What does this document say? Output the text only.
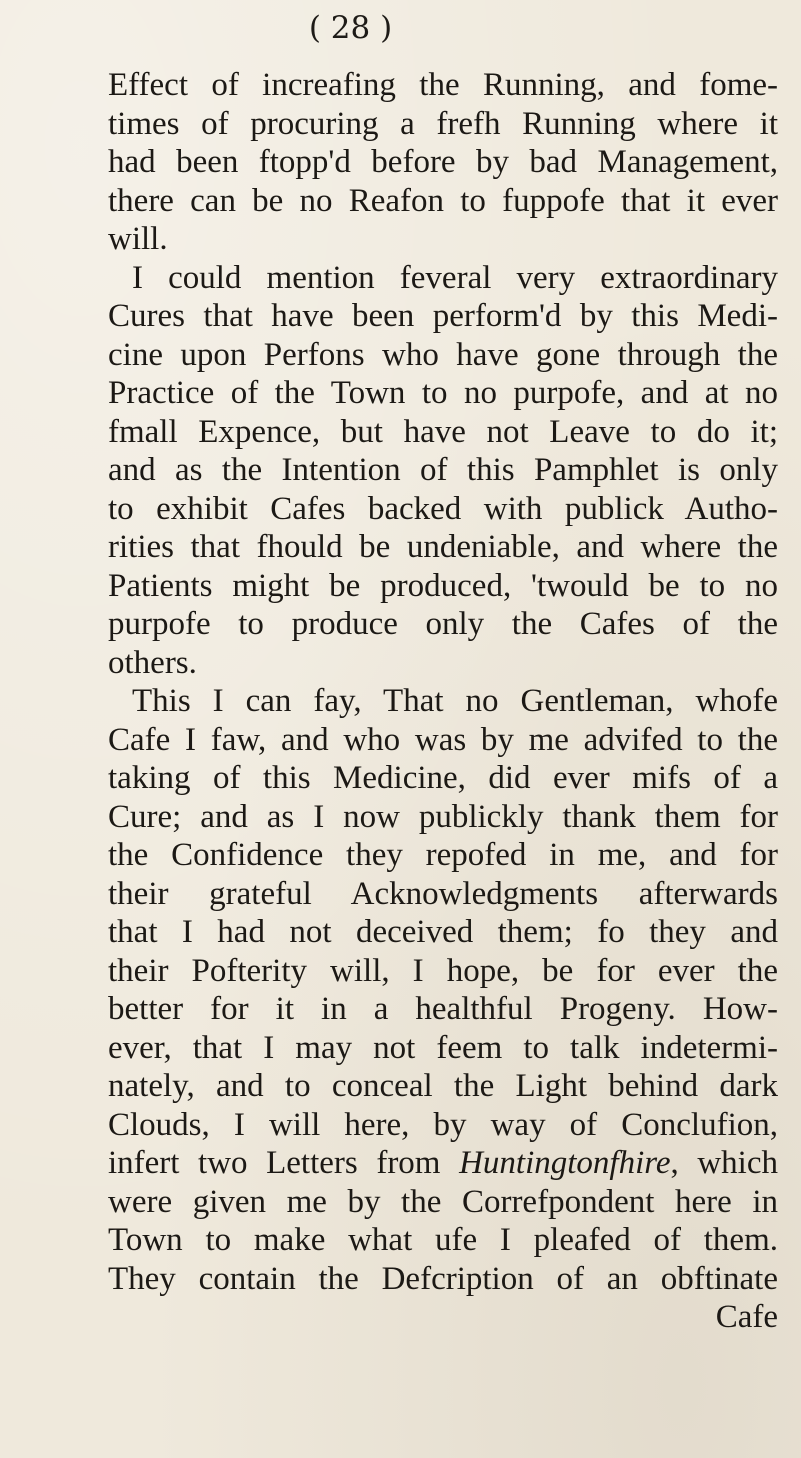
( 28 )
Effect of increafing the Running, and fome-
times of procuring a frefh Running where it
had been ftopp'd before by bad Management,
there can be no Reafon to fuppofe that it ever
will.
I could mention feveral very extraordinary
Cures that have been perform'd by this Medi-
cine upon Perfons who have gone through the
Practice of the Town to no purpofe, and at no
fmall Expence, but have not Leave to do it;
and as the Intention of this Pamphlet is only
to exhibit Cafes backed with publick Autho-
rities that fhould be undeniable, and where the
Patients might be produced, 'twould be to no
purpofe to produce only the Cafes of the
others.
This I can fay, That no Gentleman, whofe
Cafe I faw, and who was by me advifed to the
taking of this Medicine, did ever mifs of a
Cure; and as I now publickly thank them for
the Confidence they repofed in me, and for
their grateful Acknowledgments afterwards
that I had not deceived them; fo they and
their Pofterity will, I hope, be for ever the
better for it in a healthful Progeny. How-
ever, that I may not feem to talk indetermi-
nately, and to conceal the Light behind dark
Clouds, I will here, by way of Conclufion,
infert two Letters from Huntingtonfhire, which
were given me by the Correfpondent here in
Town to make what ufe I pleafed of them.
They contain the Defcription of an obftinate
Cafe
